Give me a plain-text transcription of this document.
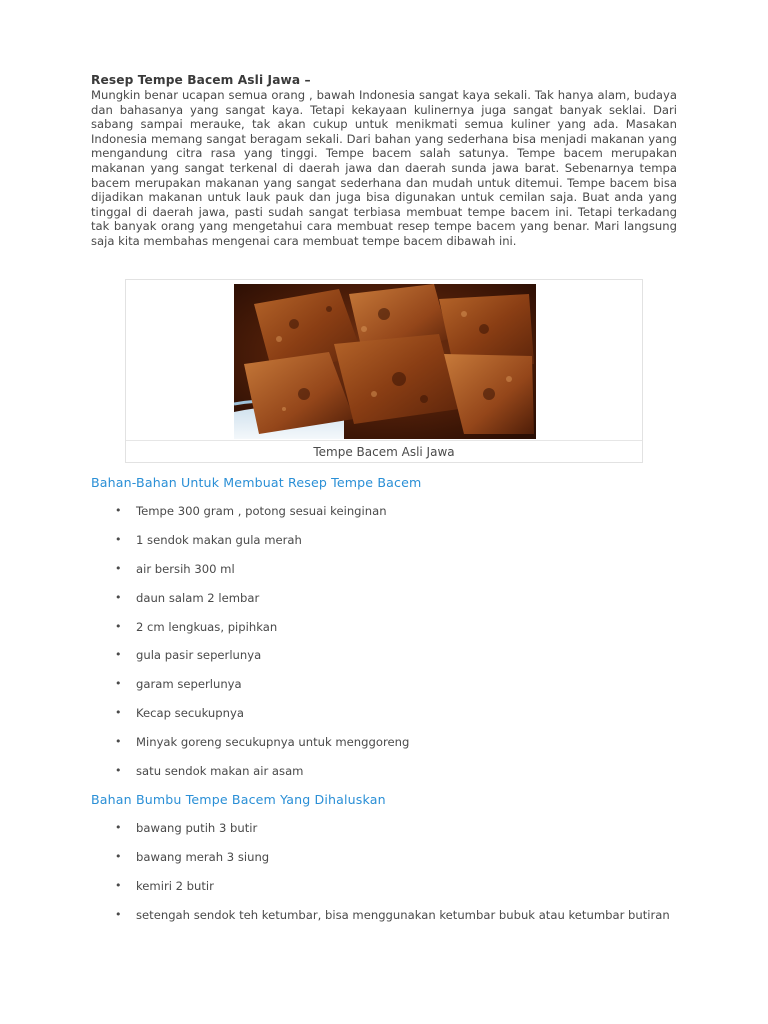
Resep Tempe Bacem Asli Jawa –

Mungkin benar ucapan semua orang , bawah Indonesia sangat kaya sekali. Tak hanya alam, budaya dan bahasanya yang sangat kaya. Tetapi kekayaan kulinernya juga sangat banyak seklai. Dari sabang sampai merauke, tak akan cukup untuk menikmati semua kuliner yang ada. Masakan Indonesia memang sangat beragam sekali. Dari bahan yang sederhana bisa menjadi makanan yang mengandung citra rasa yang tinggi. Tempe bacem salah satunya. Tempe bacem merupakan makanan yang sangat terkenal di daerah jawa dan daerah sunda jawa barat. Sebenarnya tempa bacem merupakan makanan yang sangat sederhana dan mudah untuk ditemui. Tempe bacem bisa dijadikan makanan untuk lauk pauk dan juga bisa digunakan untuk cemilan saja. Buat anda yang tinggal di daerah jawa, pasti sudah sangat terbiasa membuat tempe bacem ini. Tetapi terkadang tak banyak orang yang mengetahui cara membuat resep tempe bacem yang benar. Mari langsung saja kita membahas mengenai cara membuat tempe bacem dibawah ini.

Tempe Bacem Asli Jawa
Bahan-Bahan Untuk Membuat Resep Tempe Bacem
• Tempe 300 gram , potong sesuai keinginan
• 1 sendok makan gula merah
• air bersih 300 ml
• daun salam 2 lembar
• 2 cm lengkuas, pipihkan
• gula pasir seperlunya
• garam seperlunya
• Kecap secukupnya
• Minyak goreng secukupnya untuk menggoreng
• satu sendok makan air asam
Bahan Bumbu Tempe Bacem Yang Dihaluskan
• bawang putih 3 butir
• bawang merah 3 siung
• kemiri 2 butir
• setengah sendok teh ketumbar, bisa menggunakan ketumbar bubuk atau ketumbar butiran
